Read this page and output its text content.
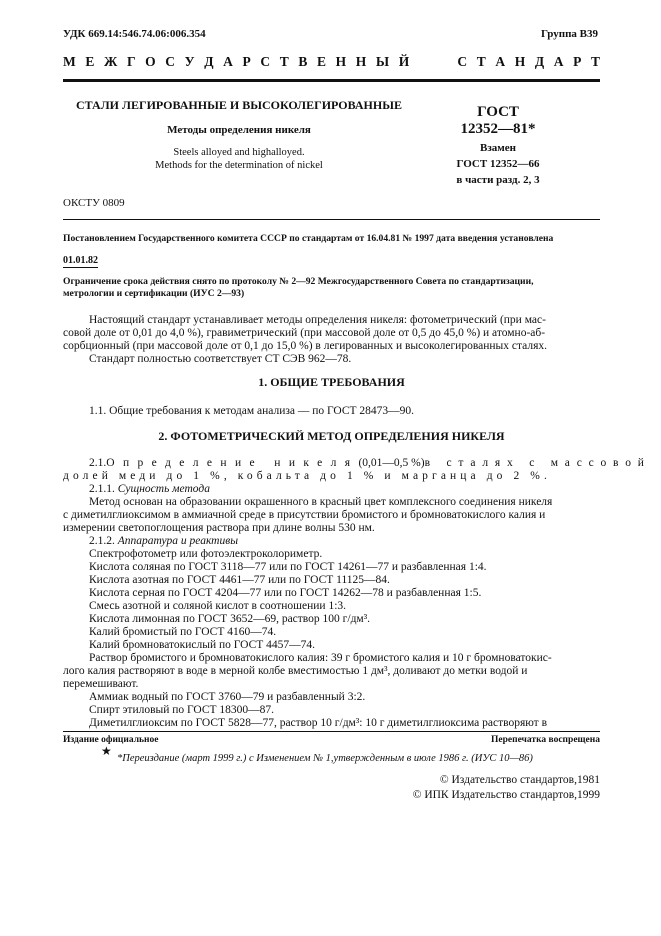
УДК 669.14:546.74.06:006.354	Группа В39
М Е Ж Г О С У Д А Р С Т В Е Н Н Ы Й     С Т А Н Д А Р Т
СТАЛИ ЛЕГИРОВАННЫЕ И ВЫСОКОЛЕГИРОВАННЫЕ
Методы определения никеля
Steels alloyed and highalloyed.
Methods for the determination of nickel
ГОСТ
12352—81*
Взамен
ГОСТ 12352—66
в части разд. 2, 3
ОКСТУ 0809
Постановлением Государственного комитета СССР по стандартам от 16.04.81 № 1997 дата введения установлена
01.01.82
Ограничение срока действия снято по протоколу № 2—92 Межгосударственного Совета по стандартизации,
метрологии и сертификации (ИУС 2—93)
Настоящий стандарт устанавливает методы определения никеля: фотометрический (при мас-
совой доле от 0,01 до 4,0 %), гравиметрический (при массовой доле от 0,5 до 45,0 %) и атомно-аб-
сорбционный (при массовой доле от 0,1 до 15,0 %) в легированных и высоколегированных сталях.
Стандарт полностью соответствует СТ СЭВ 962—78.
1. ОБЩИЕ ТРЕБОВАНИЯ
1.1. Общие требования к методам анализа — по ГОСТ 28473—90.
2. ФОТОМЕТРИЧЕСКИЙ МЕТОД ОПРЕДЕЛЕНИЯ НИКЕЛЯ
2.1. Определение никеля (0,01—0,5 %) в сталях с массовой
долей меди до 1 %, кобальта до 1 % и марганца до 2 %.
2.1.1. Сущность метода
Метод основан на образовании окрашенного в красный цвет комплексного соединения никеля
с диметилглиоксимом в аммиачной среде в присутствии бромистого и бромноватокислого калия и
измерении светопоглощения раствора при длине волны 530 нм.
2.1.2. Аппаратура и реактивы
Спектрофотометр или фотоэлектроколориметр.
Кислота соляная по ГОСТ 3118—77 или по ГОСТ 14261—77 и разбавленная 1:4.
Кислота азотная по ГОСТ 4461—77 или по ГОСТ 11125—84.
Кислота серная по ГОСТ 4204—77 или по ГОСТ 14262—78 и разбавленная 1:5.
Смесь азотной и соляной кислот в соотношении 1:3.
Кислота лимонная по ГОСТ 3652—69, раствор 100 г/дм³.
Калий бромистый по ГОСТ 4160—74.
Калий бромноватокислый по ГОСТ 4457—74.
Раствор бромистого и бромноватокислого калия: 39 г бромистого калия и 10 г бромноватокис-
лого калия растворяют в воде в мерной колбе вместимостью 1 дм³, доливают до метки водой и
перемешивают.
Аммиак водный по ГОСТ 3760—79 и разбавленный 3:2.
Спирт этиловый по ГОСТ 18300—87.
Диметилглиоксим по ГОСТ 5828—77, раствор 10 г/дм³: 10 г диметилглиоксима растворяют в
Издание официальное	Перепечатка воспрещена
★
*Переиздание (март 1999 г.) с Изменением № 1,утвержденным в июле 1986 г. (ИУС 10—86)
© Издательство стандартов,1981
© ИПК Издательство стандартов,1999
